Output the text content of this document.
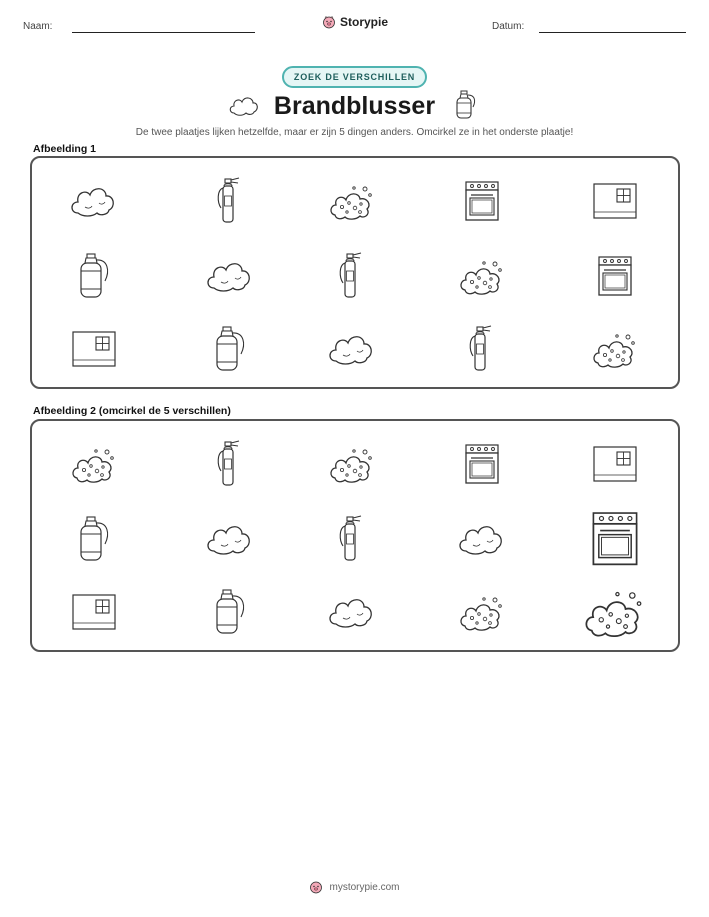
Naam:	Storypie	Datum:
ZOEK DE VERSCHILLEN
Brandblusser
De twee plaatjes lijken hetzelfde, maar er zijn 5 dingen anders. Omcirkel ze in het onderste plaatje!
Afbeelding 1
Afbeelding 2 (omcirkel de 5 verschillen)
mystorypie.com
